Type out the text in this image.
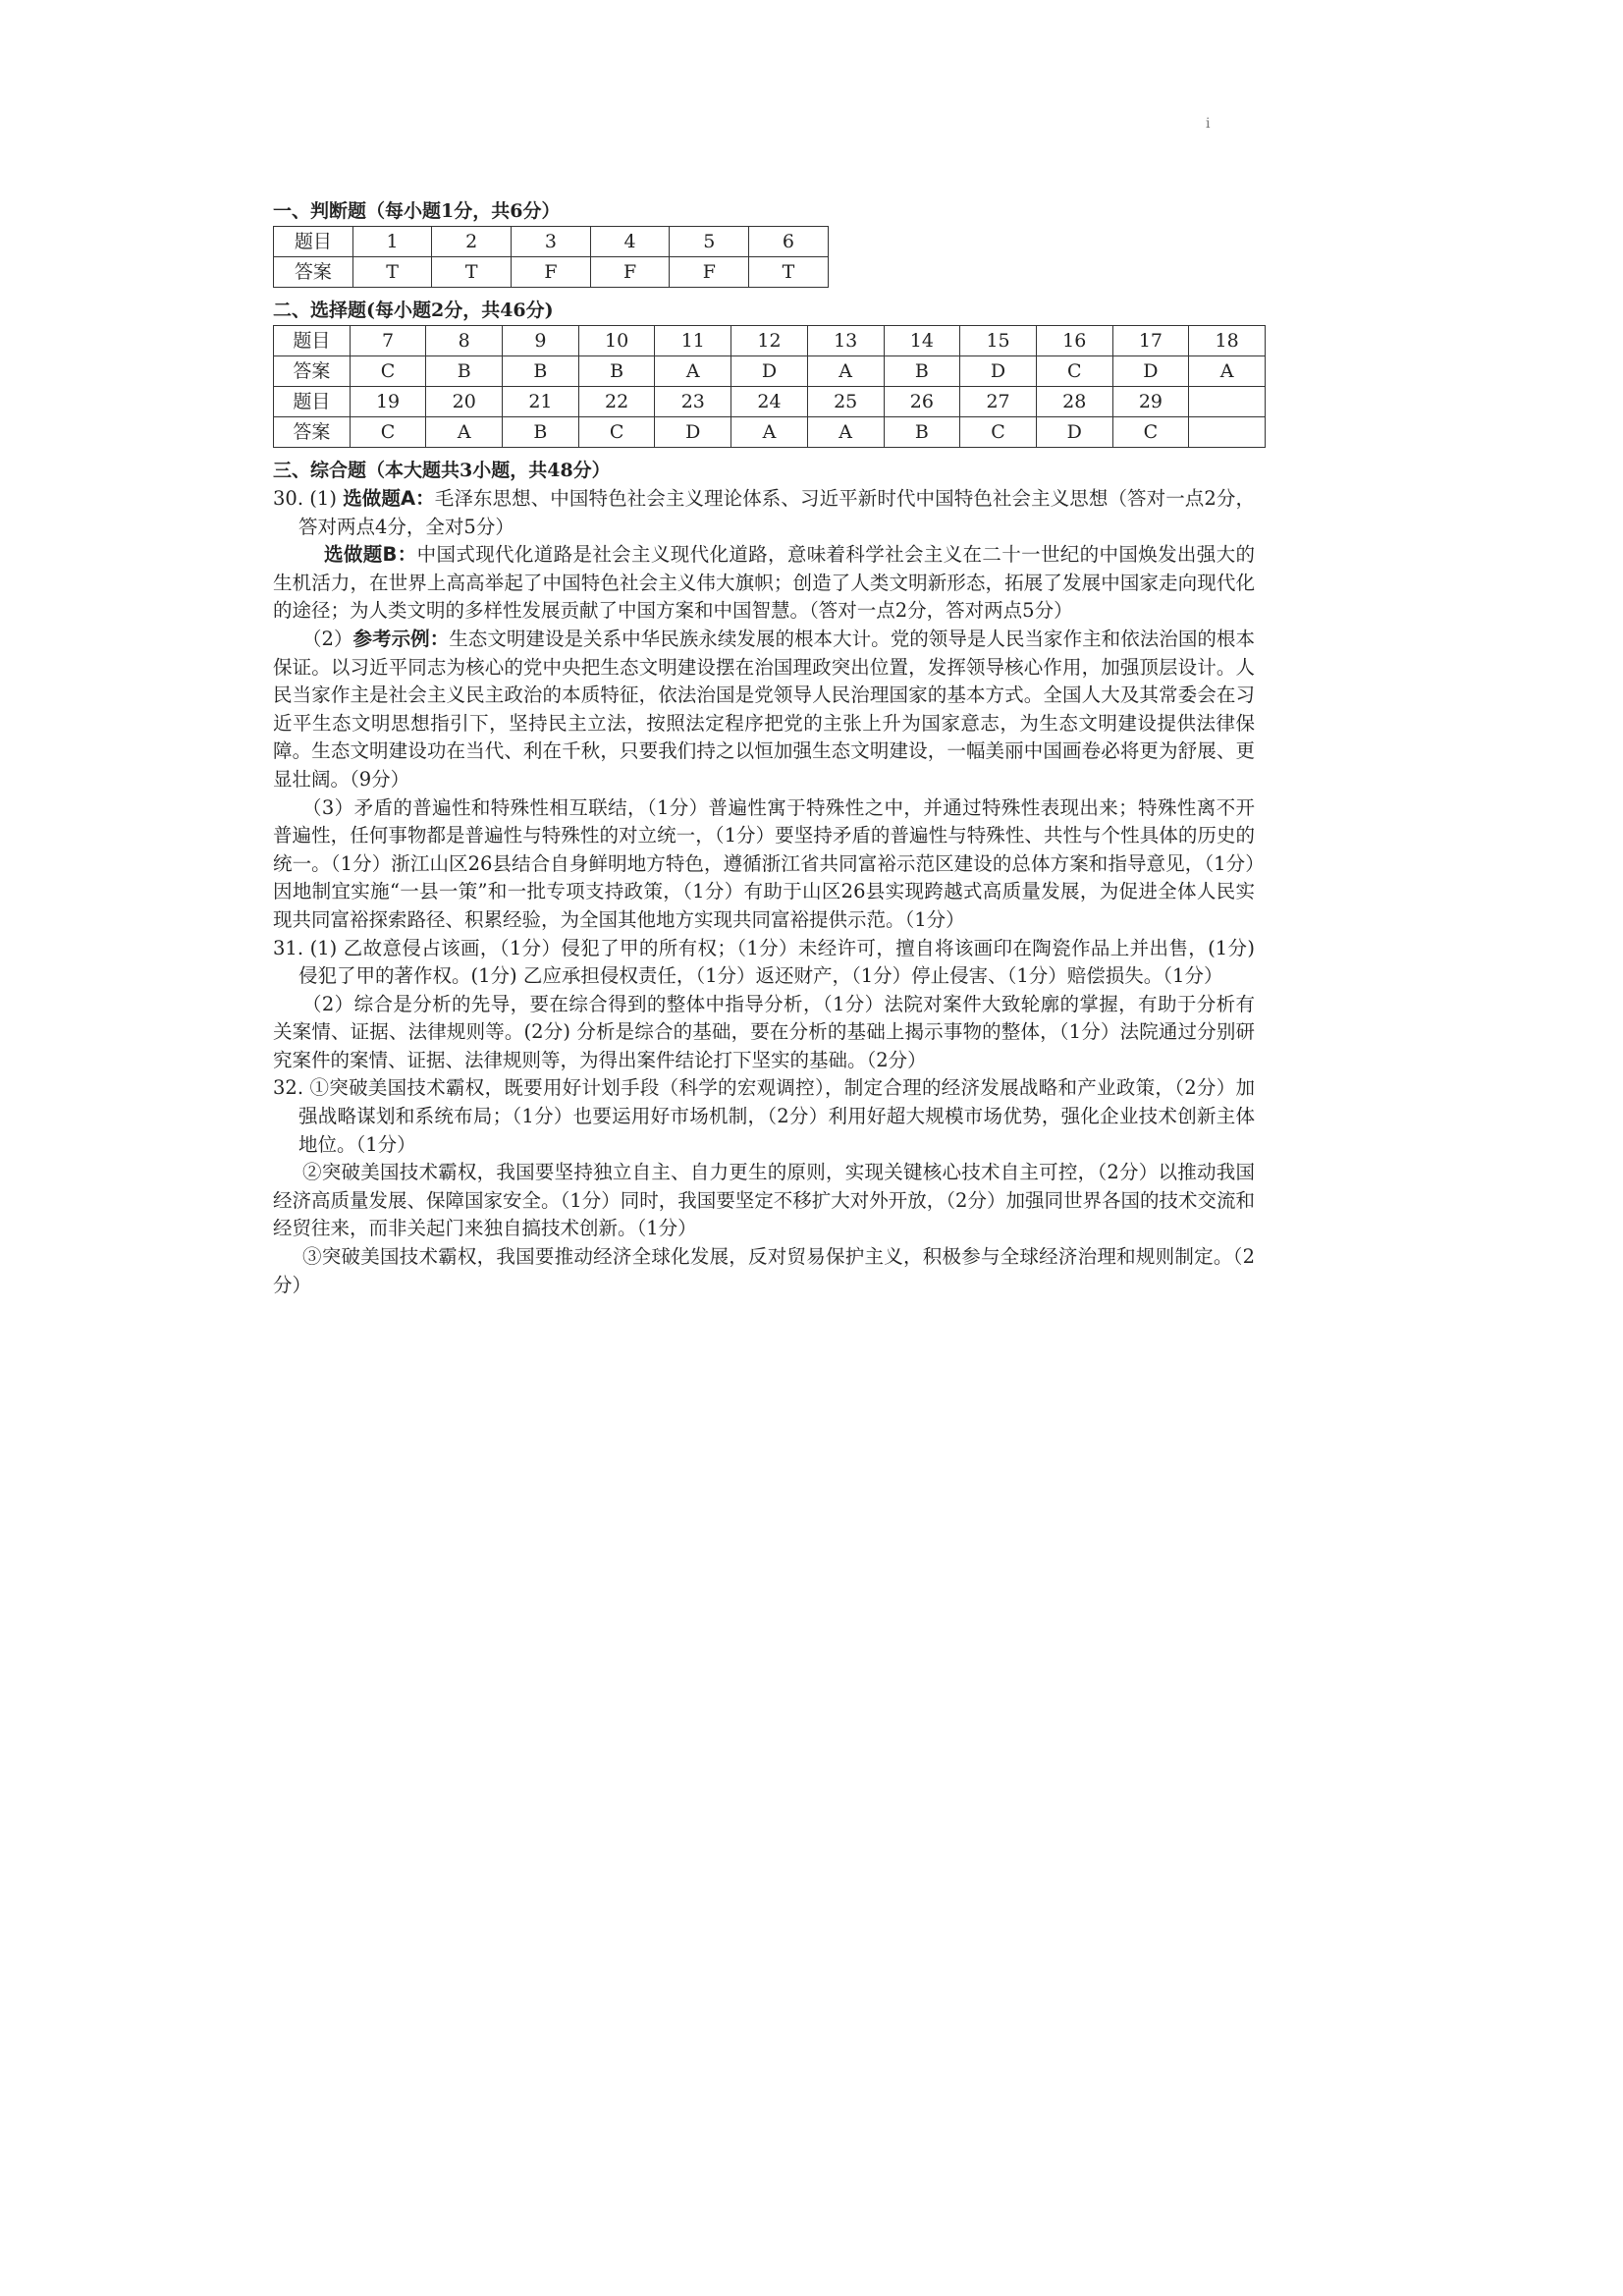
i
一、判断题（每小题1分，共6分）
题目	1	2	3	4	5	6
答案	T	T	F	F	F	T
二、选择题(每小题2分，共46分)
题目	7	8	9	10	11	12	13	14	15	16	17	18
答案	C	B	B	B	A	D	A	B	D	C	D	A
题目	19	20	21	22	23	24	25	26	27	28	29	
答案	C	A	B	C	D	A	A	B	C	D	C	
三、综合题（本大题共3小题，共48分）

30. (1) 选做题A：毛泽东思想、中国特色社会主义理论体系、习近平新时代中国特色社会主义思想（答对一点2分，答对两点4分，全对5分）

选做题B：中国式现代化道路是社会主义现代化道路，意味着科学社会主义在二十一世纪的中国焕发出强大的生机活力，在世界上高高举起了中国特色社会主义伟大旗帜；创造了人类文明新形态，拓展了发展中国家走向现代化的途径；为人类文明的多样性发展贡献了中国方案和中国智慧。（答对一点2分，答对两点5分）

（2）参考示例：生态文明建设是关系中华民族永续发展的根本大计。党的领导是人民当家作主和依法治国的根本保证。以习近平同志为核心的党中央把生态文明建设摆在治国理政突出位置，发挥领导核心作用，加强顶层设计。人民当家作主是社会主义民主政治的本质特征，依法治国是党领导人民治理国家的基本方式。全国人大及其常委会在习近平生态文明思想指引下，坚持民主立法，按照法定程序把党的主张上升为国家意志，为生态文明建设提供法律保障。生态文明建设功在当代、利在千秋，只要我们持之以恒加强生态文明建设，一幅美丽中国画卷必将更为舒展、更显壮阔。（9分）

（3）矛盾的普遍性和特殊性相互联结，（1分）普遍性寓于特殊性之中，并通过特殊性表现出来；特殊性离不开普遍性，任何事物都是普遍性与特殊性的对立统一，（1分）要坚持矛盾的普遍性与特殊性、共性与个性具体的历史的统一。（1分）浙江山区26县结合自身鲜明地方特色，遵循浙江省共同富裕示范区建设的总体方案和指导意见，（1分）因地制宜实施“一县一策”和一批专项支持政策，（1分）有助于山区26县实现跨越式高质量发展，为促进全体人民实现共同富裕探索路径、积累经验，为全国其他地方实现共同富裕提供示范。（1分）

31. (1) 乙故意侵占该画，（1分）侵犯了甲的所有权；（1分）未经许可，擅自将该画印在陶瓷作品上并出售，(1分) 侵犯了甲的著作权。(1分) 乙应承担侵权责任，（1分）返还财产，（1分）停止侵害、（1分）赔偿损失。（1分）

（2）综合是分析的先导，要在综合得到的整体中指导分析，（1分）法院对案件大致轮廓的掌握，有助于分析有关案情、证据、法律规则等。(2分) 分析是综合的基础，要在分析的基础上揭示事物的整体，（1分）法院通过分别研究案件的案情、证据、法律规则等，为得出案件结论打下坚实的基础。（2分）

32. ①突破美国技术霸权，既要用好计划手段（科学的宏观调控），制定合理的经济发展战略和产业政策，（2分）加强战略谋划和系统布局；（1分）也要运用好市场机制，（2分）利用好超大规模市场优势，强化企业技术创新主体地位。（1分）

②突破美国技术霸权，我国要坚持独立自主、自力更生的原则，实现关键核心技术自主可控，（2分）以推动我国经济高质量发展、保障国家安全。（1分）同时，我国要坚定不移扩大对外开放，（2分）加强同世界各国的技术交流和经贸往来，而非关起门来独自搞技术创新。（1分）

③突破美国技术霸权，我国要推动经济全球化发展，反对贸易保护主义，积极参与全球经济治理和规则制定。（2分）
